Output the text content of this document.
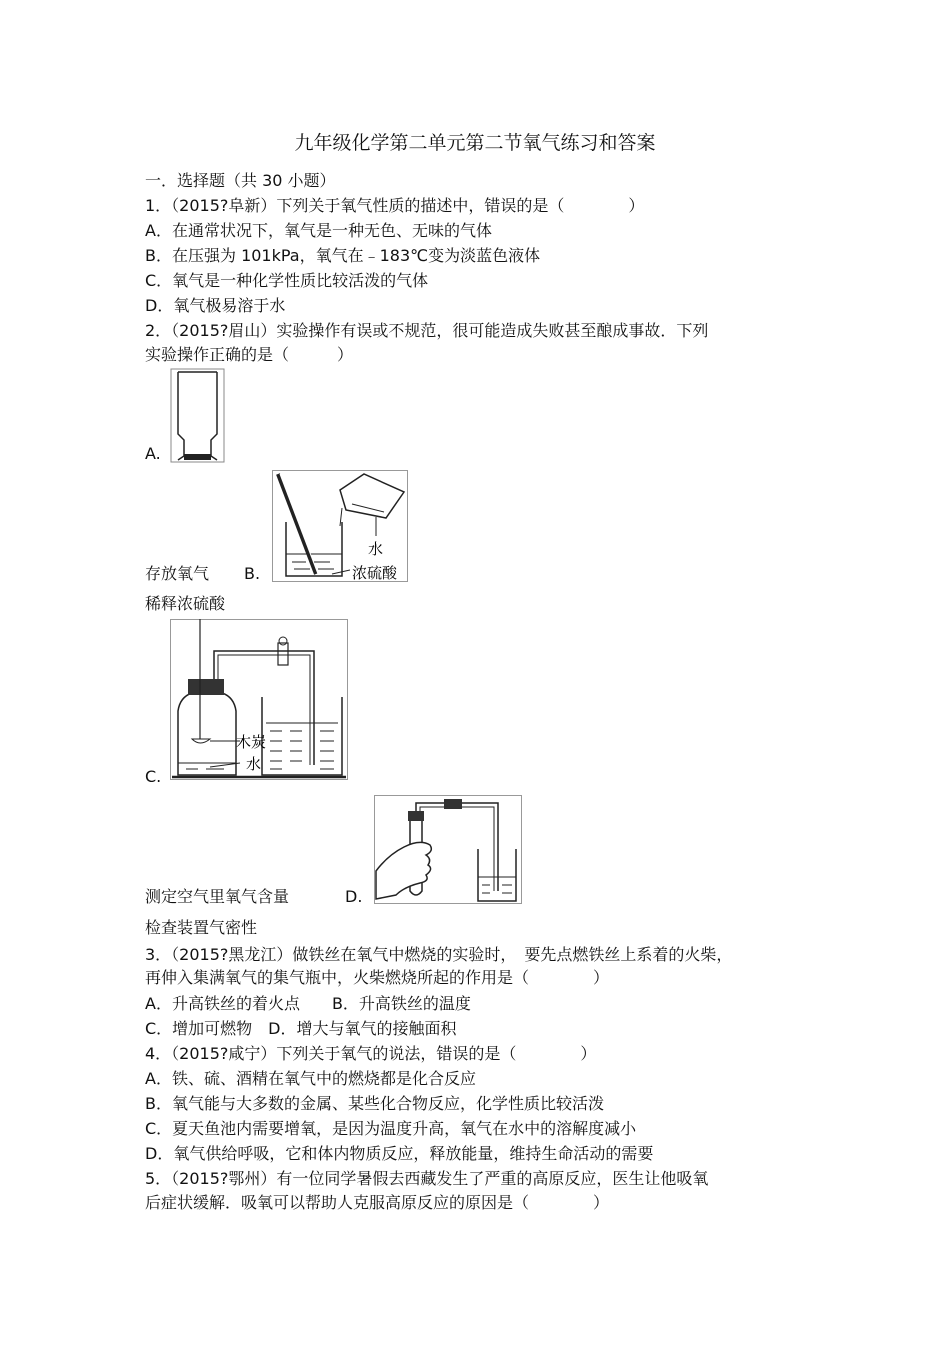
九年级化学第二单元第二节氧气练习和答案
一．选择题（共 30 小题）
1．（2015?阜新）下列关于氧气性质的描述中，错误的是（　　　　）
A．在通常状况下，氧气是一种无色、无味的气体
B．在压强为 101kPa，氧气在﹣183℃变为淡蓝色液体
C．氧气是一种化学性质比较活泼的气体
D．氧气极易溶于水
2．（2015?眉山）实验操作有误或不规范，很可能造成失败甚至酿成事故．下列
实验操作正确的是（　　　）
A.
水
浓硫酸
存放氧气 B.
稀释浓硫酸
木炭
水
C.
测定空气里氧气含量	D.
检查装置气密性
3．（2015?黑龙江）做铁丝在氧气中燃烧的实验时，　要先点燃铁丝上系着的火柴，
再伸入集满氧气的集气瓶中，火柴燃烧所起的作用是（　　　　）
A．升高铁丝的着火点　　B．升高铁丝的温度
C．增加可燃物　D．增大与氧气的接触面积
4．（2015?咸宁）下列关于氧气的说法，错误的是（　　　　）
A．铁、硫、酒精在氧气中的燃烧都是化合反应
B．氧气能与大多数的金属、某些化合物反应，化学性质比较活泼
C．夏天鱼池内需要增氧，是因为温度升高，氧气在水中的溶解度减小
D．氧气供给呼吸，它和体内物质反应，释放能量，维持生命活动的需要
5．（2015?鄂州）有一位同学暑假去西藏发生了严重的高原反应，医生让他吸氧
后症状缓解．吸氧可以帮助人克服高原反应的原因是（　　　　）
